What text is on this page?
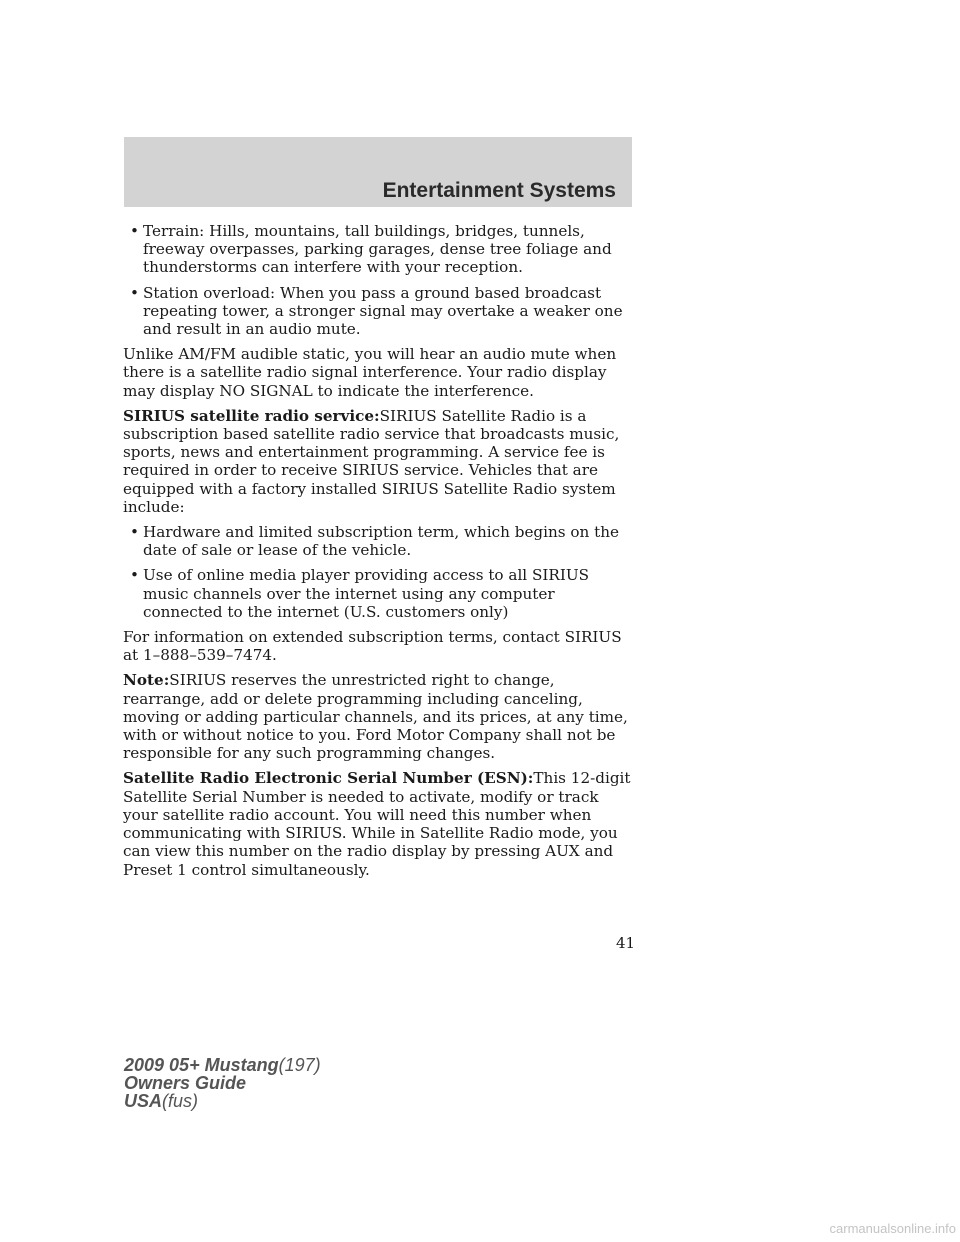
Entertainment Systems
• Terrain: Hills, mountains, tall buildings, bridges, tunnels, freeway overpasses, parking garages, dense tree foliage and thunderstorms can interfere with your reception.
• Station overload: When you pass a ground based broadcast repeating tower, a stronger signal may overtake a weaker one and result in an audio mute.

Unlike AM/FM audible static, you will hear an audio mute when there is a satellite radio signal interference. Your radio display may display NO SIGNAL to indicate the interference.

SIRIUS satellite radio service:SIRIUS Satellite Radio is a subscription based satellite radio service that broadcasts music, sports, news and entertainment programming. A service fee is required in order to receive SIRIUS service. Vehicles that are equipped with a factory installed SIRIUS Satellite Radio system include:

• Hardware and limited subscription term, which begins on the date of sale or lease of the vehicle.
• Use of online media player providing access to all SIRIUS music channels over the internet using any computer connected to the internet (U.S. customers only)

For information on extended subscription terms, contact SIRIUS at 1–888–539–7474.

Note:SIRIUS reserves the unrestricted right to change, rearrange, add or delete programming including canceling, moving or adding particular channels, and its prices, at any time, with or without notice to you. Ford Motor Company shall not be responsible for any such programming changes.

Satellite Radio Electronic Serial Number (ESN):This 12-digit Satellite Serial Number is needed to activate, modify or track your satellite radio account. You will need this number when communicating with SIRIUS. While in Satellite Radio mode, you can view this number on the radio display by pressing AUX and Preset 1 control simultaneously.

41
2009 05+ Mustang(197)
Owners Guide
USA(fus)
carmanualsonline.info
